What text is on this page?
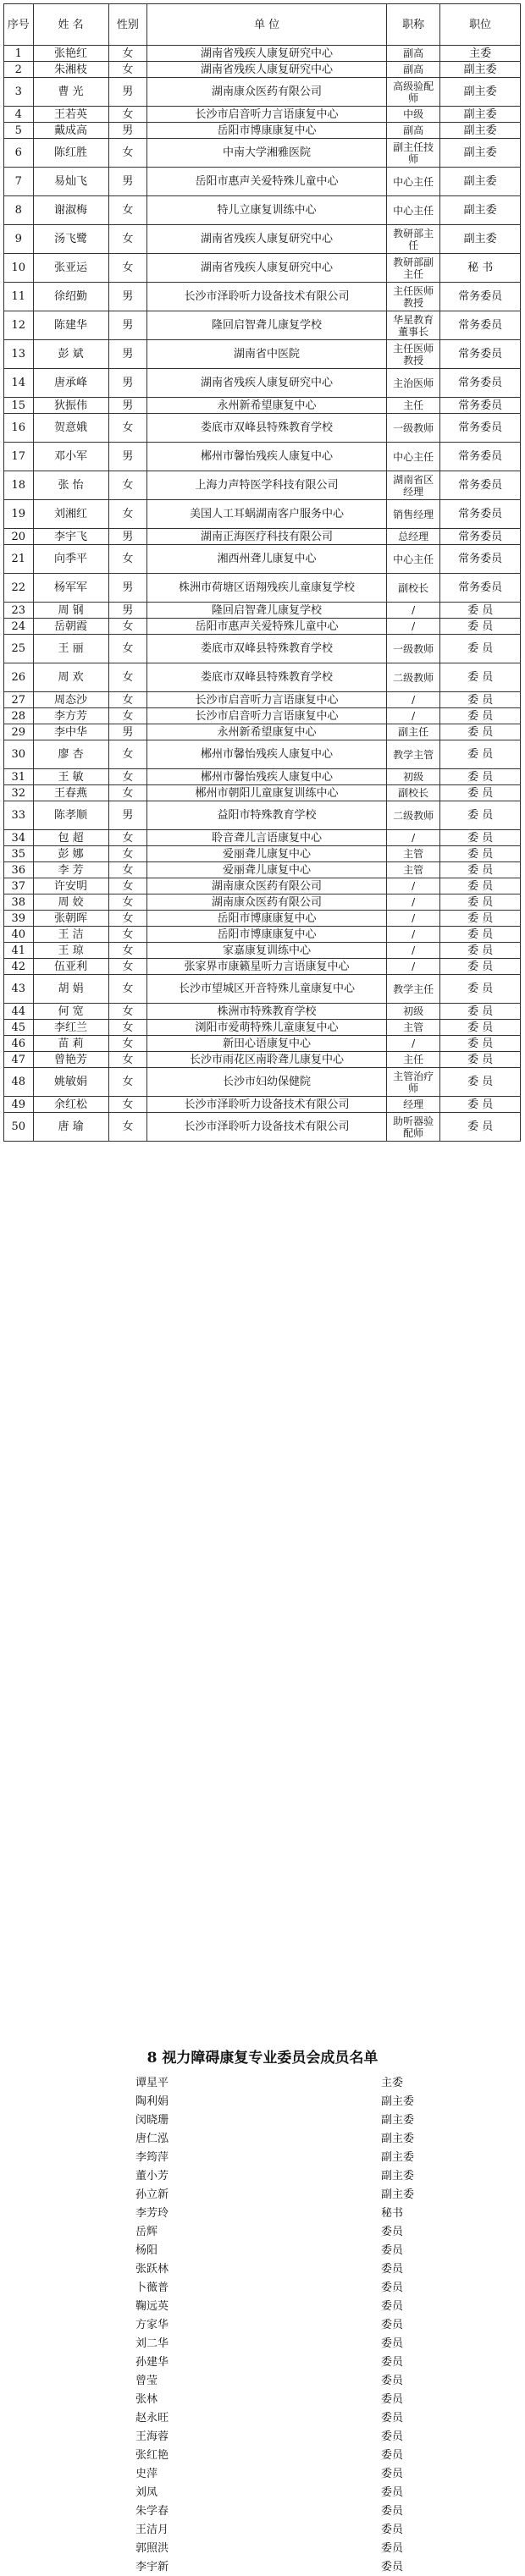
序号	姓 名	性别	单 位	职称	职位
1	张艳红	女	湖南省残疾人康复研究中心	副高	主委
2	朱湘枝	女	湖南省残疾人康复研究中心	副高	副主委
3	曹 光	男	湖南康众医药有限公司	高级验配师	副主委
4	王若英	女	长沙市启音听力言语康复中心	中级	副主委
5	戴成高	男	岳阳市博康康复中心	副高	副主委
6	陈红胜	女	中南大学湘雅医院	副主任技师	副主委
7	易灿飞	男	岳阳市惠声关爱特殊儿童中心	中心主任	副主委
8	谢淑梅	女	特儿立康复训练中心	中心主任	副主委
9	汤飞鹭	女	湖南省残疾人康复研究中心	教研部主任	副主委
10	张亚运	女	湖南省残疾人康复研究中心	教研部副主任	秘 书
11	徐绍勤	男	长沙市泽聆听力设备技术有限公司	主任医师教授	常务委员
12	陈建华	男	隆回启智聋儿康复学校	华星教育董事长	常务委员
13	彭 斌	男	湖南省中医院	主任医师教授	常务委员
14	唐承峰	男	湖南省残疾人康复研究中心	主治医师	常务委员
15	狄振伟	男	永州新希望康复中心	主任	常务委员
16	贺意娥	女	娄底市双峰县特殊教育学校	一级教师	常务委员
17	邓小军	男	郴州市馨怡残疾人康复中心	中心主任	常务委员
18	张 怡	女	上海力声特医学科技有限公司	湖南省区经理	常务委员
19	刘湘红	女	美国人工耳蜗湖南客户服务中心	销售经理	常务委员
20	李宇飞	男	湖南正海医疗科技有限公司	总经理	常务委员
21	向季平	女	湘西州聋儿康复中心	中心主任	常务委员
22	杨军军	男	株洲市荷塘区语翔残疾儿童康复学校	副校长	常务委员
23	周 钢	男	隆回启智聋儿康复学校	/	委 员
24	岳朝霞	女	岳阳市惠声关爱特殊儿童中心	/	委 员
25	王 丽	女	娄底市双峰县特殊教育学校	一级教师	委 员
26	周 欢	女	娄底市双峰县特殊教育学校	二级教师	委 员
27	周态沙	女	长沙市启音听力言语康复中心	/	委 员
28	李方芳	女	长沙市启音听力言语康复中心	/	委 员
29	李中华	男	永州新希望康复中心	副主任	委 员
30	廖 杏	女	郴州市馨怡残疾人康复中心	教学主管	委 员
31	王 敏	女	郴州市馨怡残疾人康复中心	初级	委 员
32	王春燕	女	郴州市朝阳儿童康复训练中心	副校长	委 员
33	陈孝顺	男	益阳市特殊教育学校	二级教师	委 员
34	包 超	女	聆音聋儿言语康复中心	/	委 员
35	彭 娜	女	爱丽聋儿康复中心	主管	委 员
36	李 芳	女	爱丽聋儿康复中心	主管	委 员
37	许安明	女	湖南康众医药有限公司	/	委 员
38	周 姣	女	湖南康众医药有限公司	/	委 员
39	张朝晖	女	岳阳市博康康复中心	/	委 员
40	王 洁	女	岳阳市博康康复中心	/	委 员
41	王 琼	女	家嘉康复训练中心	/	委 员
42	伍亚利	女	张家界市康籁星听力言语康复中心	/	委 员
43	胡 娟	女	长沙市望城区开音特殊儿童康复中心	教学主任	委 员
44	何 宽	女	株洲市特殊教育学校	初级	委 员
45	李红兰	女	浏阳市爱萌特殊儿童康复中心	主管	委 员
46	苗 莉	女	新田心语康复中心	/	委 员
47	曾艳芳	女	长沙市雨花区南聆聋儿康复中心	主任	委 员
48	姚敏娟	女	长沙市妇幼保健院	主管治疗师	委 员
49	余红松	女	长沙市泽聆听力设备技术有限公司	经理	委 员
50	唐 瑜	女	长沙市泽聆听力设备技术有限公司	助听器验配师	委 员
8 视力障碍康复专业委员会成员名单
谭星平	主委
陶利娟	副主委
闵晓珊	副主委
唐仁泓	副主委
李筠萍	副主委
董小芳	副主委
孙立新	副主委
李芳玲	秘书
岳辉	委员
杨阳	委员
张跃林	委员
卜薇普	委员
鞠远英	委员
方家华	委员
刘二华	委员
孙建华	委员
曾莹	委员
张林	委员
赵永旺	委员
王海蓉	委员
张红艳	委员
史萍	委员
刘凤	委员
朱学春	委员
王洁月	委员
郭照洪	委员
李宇新	委员
